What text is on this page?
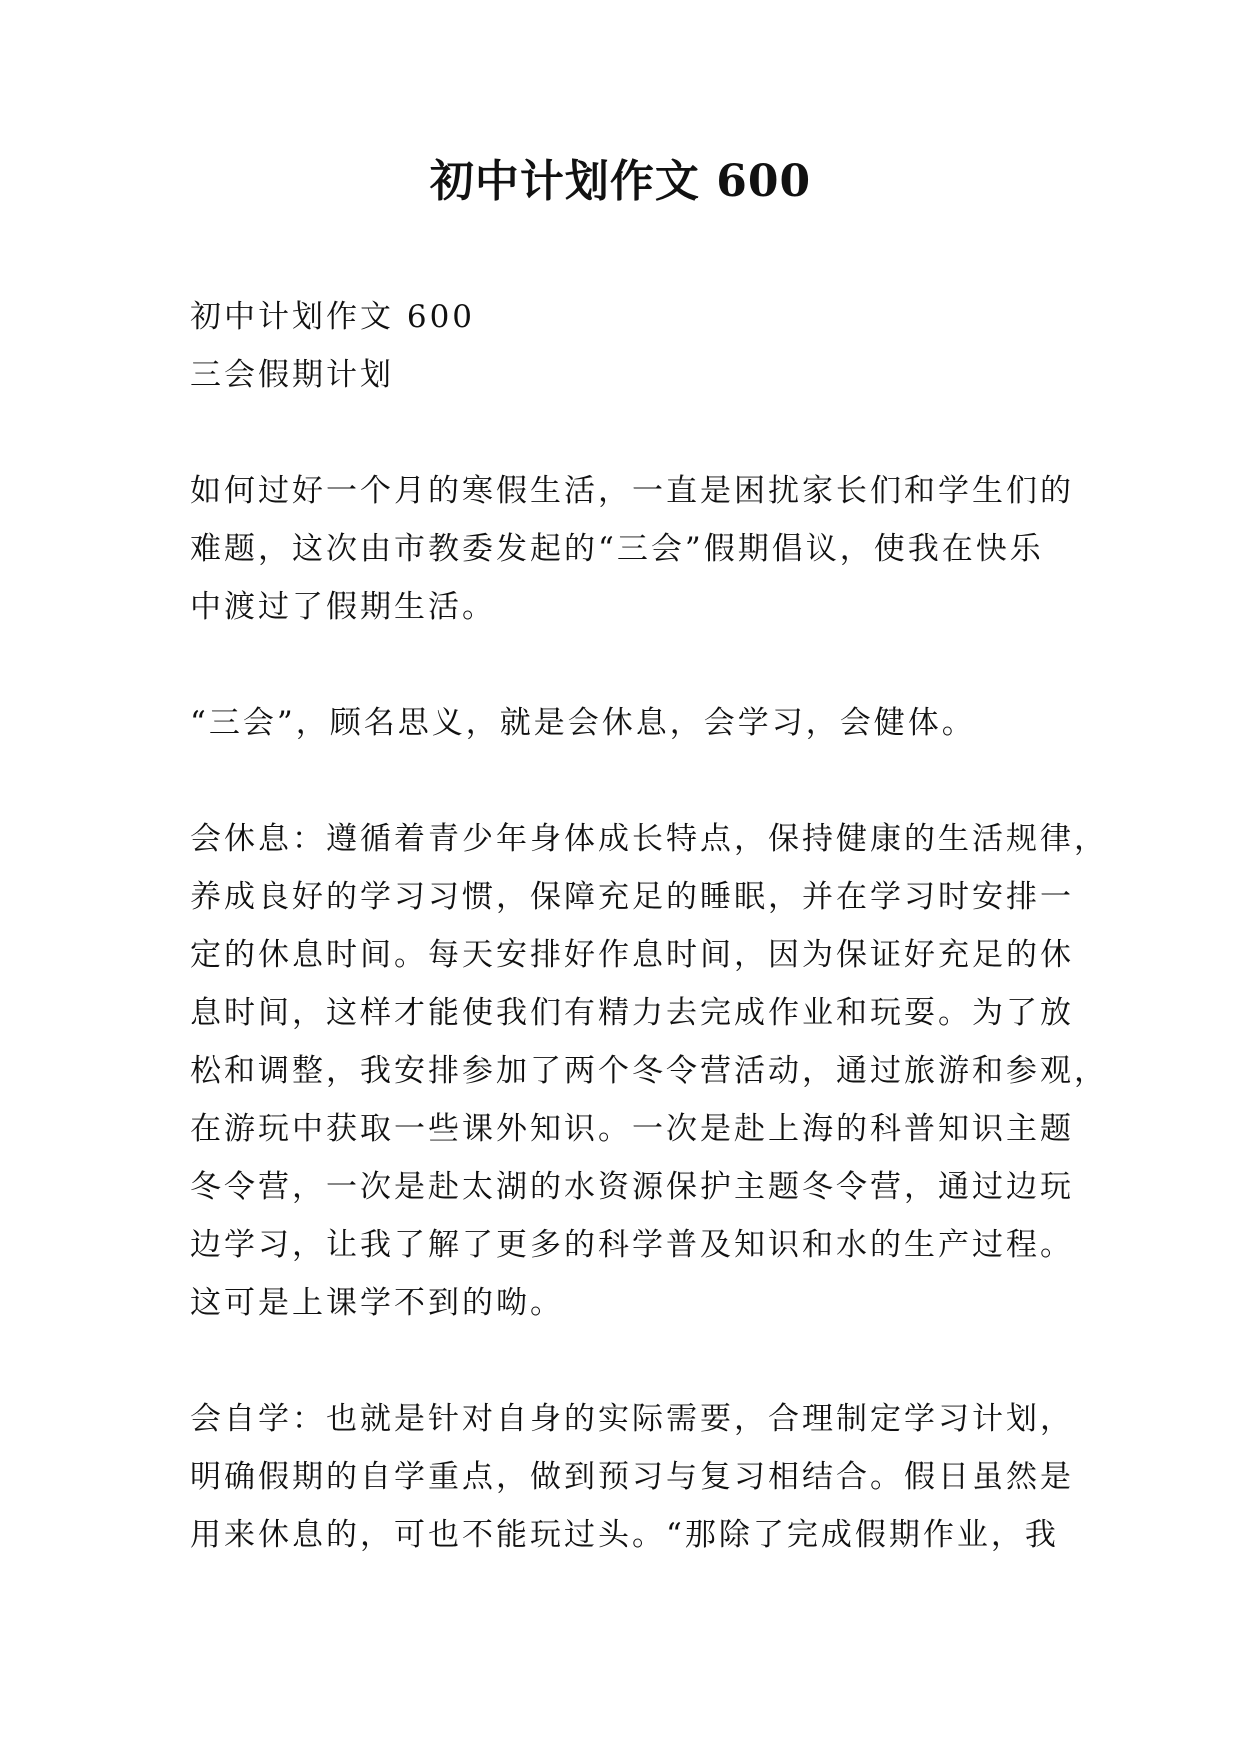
初中计划作文 600

初中计划作文 600

三会假期计划

如何过好一个月的寒假生活，一直是困扰家长们和学生们的

难题，这次由市教委发起的“三会”假期倡议，使我在快乐

中渡过了假期生活。

“三会”，顾名思义，就是会休息，会学习，会健体。

会休息：遵循着青少年身体成长特点，保持健康的生活规律，

养成良好的学习习惯，保障充足的睡眠，并在学习时安排一

定的休息时间。每天安排好作息时间，因为保证好充足的休

息时间，这样才能使我们有精力去完成作业和玩耍。为了放

松和调整，我安排参加了两个冬令营活动，通过旅游和参观，

在游玩中获取一些课外知识。一次是赴上海的科普知识主题

冬令营，一次是赴太湖的水资源保护主题冬令营，通过边玩

边学习，让我了解了更多的科学普及知识和水的生产过程。

这可是上课学不到的呦。

会自学：也就是针对自身的实际需要，合理制定学习计划，

明确假期的自学重点，做到预习与复习相结合。假日虽然是

用来休息的，可也不能玩过头。“那除了完成假期作业，我
